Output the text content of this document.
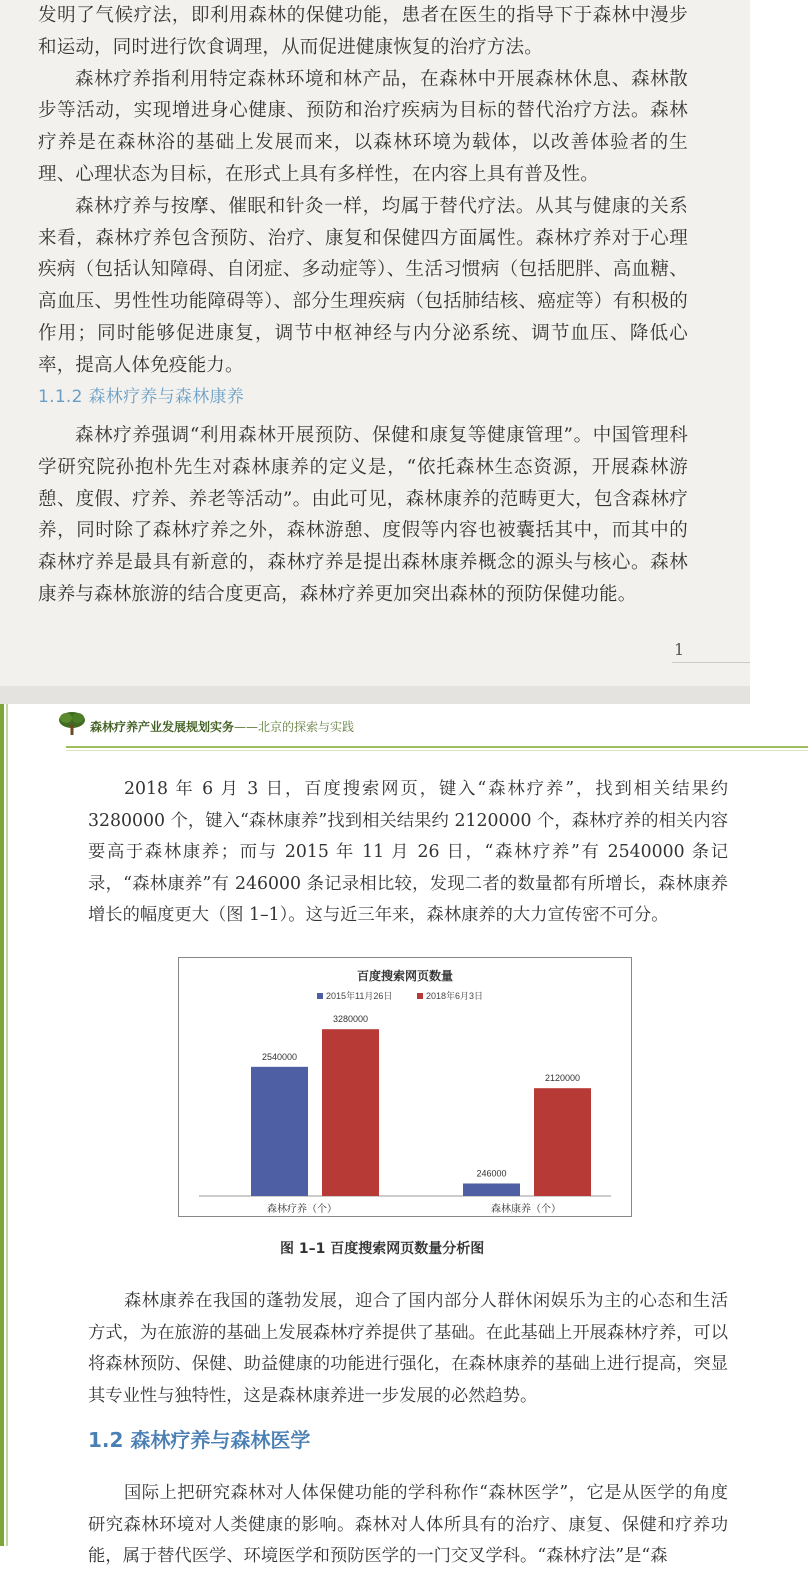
发明了气候疗法，即利用森林的保健功能，患者在医生的指导下于森林中漫步和运动，同时进行饮食调理，从而促进健康恢复的治疗方法。

森林疗养指利用特定森林环境和林产品，在森林中开展森林休息、森林散步等活动，实现增进身心健康、预防和治疗疾病为目标的替代治疗方法。森林疗养是在森林浴的基础上发展而来，以森林环境为载体，以改善体验者的生理、心理状态为目标，在形式上具有多样性，在内容上具有普及性。

森林疗养与按摩、催眠和针灸一样，均属于替代疗法。从其与健康的关系来看，森林疗养包含预防、治疗、康复和保健四方面属性。森林疗养对于心理疾病（包括认知障碍、自闭症、多动症等）、生活习惯病（包括肥胖、高血糖、高血压、男性性功能障碍等）、部分生理疾病（包括肺结核、癌症等）有积极的作用；同时能够促进康复，调节中枢神经与内分泌系统、调节血压、降低心率，提高人体免疫能力。

1.1.2 森林疗养与森林康养

森林疗养强调“利用森林开展预防、保健和康复等健康管理”。中国管理科学研究院孙抱朴先生对森林康养的定义是，“依托森林生态资源，开展森林游憩、度假、疗养、养老等活动”。由此可见，森林康养的范畴更大，包含森林疗养，同时除了森林疗养之外，森林游憩、度假等内容也被囊括其中，而其中的森林疗养是最具有新意的，森林疗养是提出森林康养概念的源头与核心。森林康养与森林旅游的结合度更高，森林疗养更加突出森林的预防保健功能。

1
森林疗养产业发展规划实务——北京的探索与实践

2018 年 6 月 3 日，百度搜索网页，键入“森林疗养”，找到相关结果约 3280000 个，键入“森林康养”找到相关结果约 2120000 个，森林疗养的相关内容要高于森林康养；而与 2015 年 11 月 26 日，“森林疗养”有 2540000 条记录，“森林康养”有 246000 条记录相比较，发现二者的数量都有所增长，森林康养增长的幅度更大（图 1–1）。这与近三年来，森林康养的大力宣传密不可分。

百度搜索网页数量
2015年11月26日	2018年6月3日
2540000
3280000
森林疗养（个）
246000
2120000
森林康养（个）
图 1–1 百度搜索网页数量分析图

森林康养在我国的蓬勃发展，迎合了国内部分人群休闲娱乐为主的心态和生活方式，为在旅游的基础上发展森林疗养提供了基础。在此基础上开展森林疗养，可以将森林预防、保健、助益健康的功能进行强化，在森林康养的基础上进行提高，突显其专业性与独特性，这是森林康养进一步发展的必然趋势。

1.2 森林疗养与森林医学

国际上把研究森林对人体保健功能的学科称作“森林医学”，它是从医学的角度研究森林环境对人类健康的影响。森林对人体所具有的治疗、康复、保健和疗养功能，属于替代医学、环境医学和预防医学的一门交叉学科。“森林疗法”是“森
